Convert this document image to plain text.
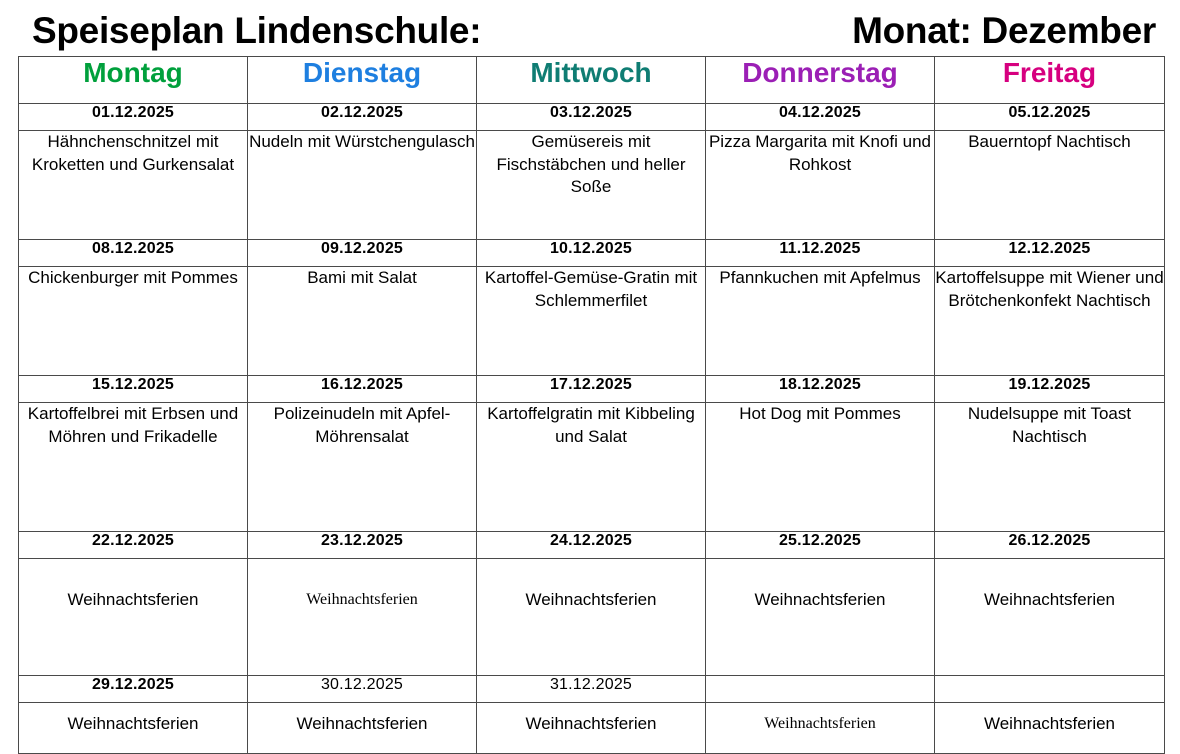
Speiseplan Lindenschule:	Monat: Dezember
Montag	Dienstag	Mittwoch	Donnerstag	Freitag
01.12.2025	02.12.2025	03.12.2025	04.12.2025	05.12.2025
Hähnchenschnitzel mit Kroketten und Gurkensalat	Nudeln mit Würstchengulasch	Gemüsereis mit Fischstäbchen und heller Soße	Pizza Margarita mit Knofi und Rohkost	Bauerntopf Nachtisch
08.12.2025	09.12.2025	10.12.2025	11.12.2025	12.12.2025
Chickenburger mit Pommes	Bami mit Salat	Kartoffel-Gemüse-Gratin mit Schlemmerfilet	Pfannkuchen mit Apfelmus	Kartoffelsuppe mit Wiener und Brötchenkonfekt Nachtisch
15.12.2025	16.12.2025	17.12.2025	18.12.2025	19.12.2025
Kartoffelbrei mit Erbsen und Möhren und Frikadelle	Polizeinudeln mit Apfel-Möhrensalat	Kartoffelgratin mit Kibbeling und Salat	Hot Dog mit Pommes	Nudelsuppe mit Toast Nachtisch
22.12.2025	23.12.2025	24.12.2025	25.12.2025	26.12.2025
Weihnachtsferien	Weihnachtsferien	Weihnachtsferien	Weihnachtsferien	Weihnachtsferien
29.12.2025	30.12.2025	31.12.2025		
Weihnachtsferien	Weihnachtsferien	Weihnachtsferien	Weihnachtsferien	Weihnachtsferien
